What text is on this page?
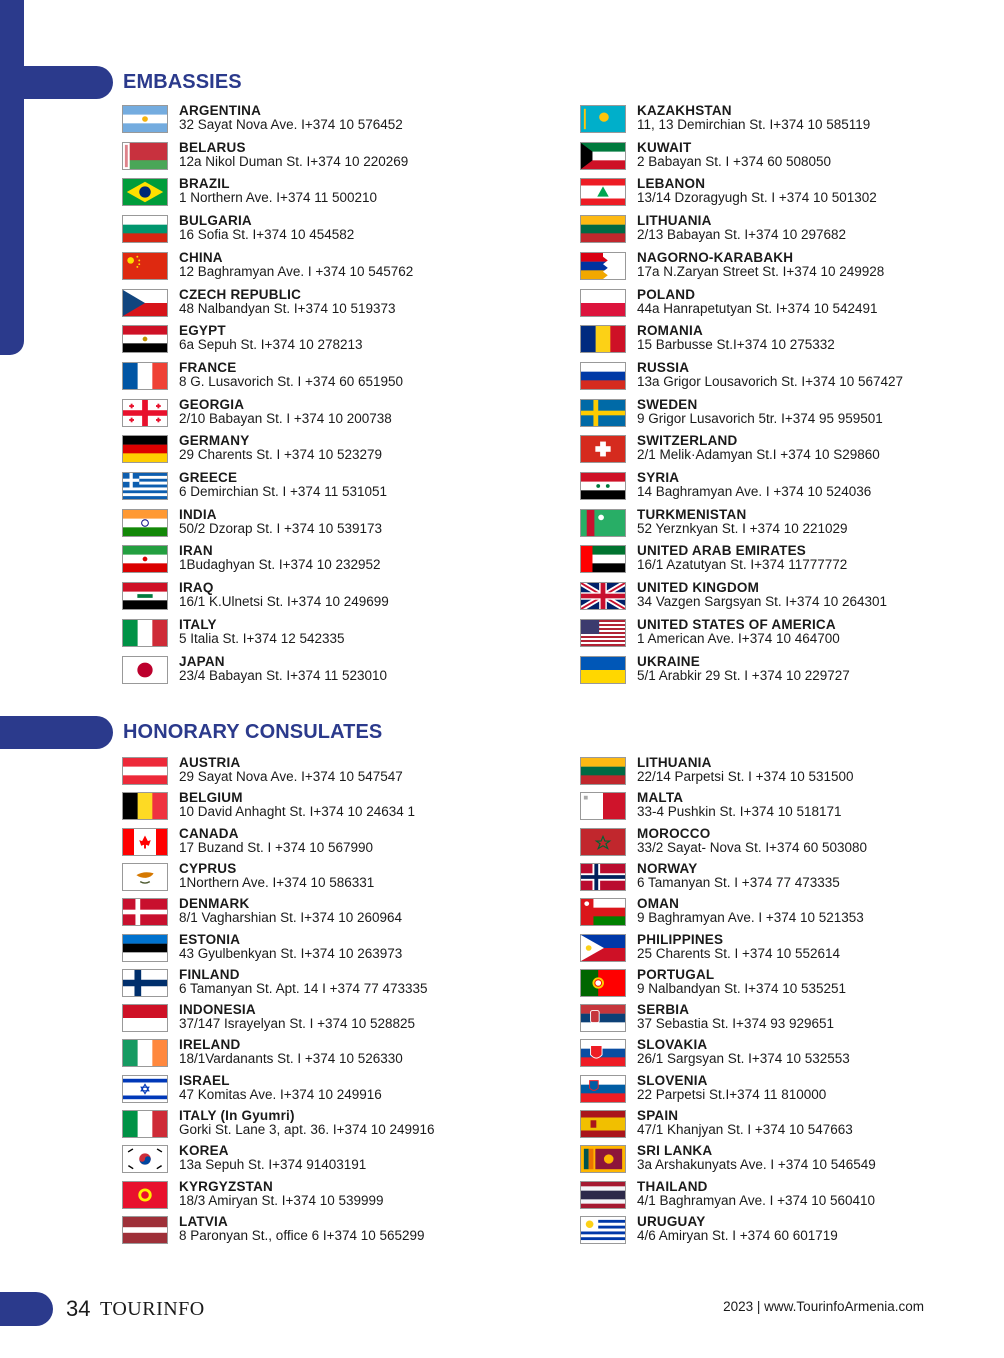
EMBASSIES
HONORARY CONSULATES
ARGENTINA
32 Sayat Nova Ave. I+374 10 576452
BELARUS
12a Nikol Duman St. I+374 10 220269
BRAZIL
1 Northern Ave. I+374 11 500210
BULGARIA
16 Sofia St. I+374 10 454582
CHINA
12 Baghramyan Ave. I +374 10 545762
CZECH REPUBLIC
48 Nalbandyan St. I+374 10 519373
EGYPT
6a Sepuh St. I+374 10 278213
FRANCE
8 G. Lusavorich St. I +374 60 651950
GEORGIA
2/10 Babayan St. I +374 10 200738
GERMANY
29 Charents St. I +374 10 523279
GREECE
6 Demirchian St. I +374 11 531051
INDIA
50/2 Dzorap St. I +374 10 539173
IRAN
1Budaghyan St. I+374 10 232952
IRAQ
16/1 K.Ulnetsi St. I+374 10 249699
ITALY
5 Italia St. I+374 12 542335
JAPAN
23/4 Babayan St. I+374 11 523010
KAZAKHSTAN
11, 13 Demirchian St. I+374 10 585119
KUWAIT
2 Babayan St. I +374 60 508050
LEBANON
13/14 Dzoragyugh St. I +374 10 501302
LITHUANIA
2/13 Babayan St. I+374 10 297682
NAGORNO-KARABAKH
17a N.Zaryan Street St. I+374 10 249928
POLAND
44a Hanrapetutyan St. I+374 10 542491
ROMANIA
15 Barbusse St.I+374 10 275332
RUSSIA
13a Grigor Lousavorich St. I+374 10 567427
SWEDEN
9 Grigor Lusavorich 5tr. I+374 95 959501
SWITZERLAND
2/1 Melik·Adamyan St.I +374 10 S29860
SYRIA
14 Baghramyan Ave. I +374 10 524036
TURKMENISTAN
52 Yerznkyan St. I +374 10 221029
UNITED ARAB EMIRATES
16/1 Azatutyan St. I+374 11777772
UNITED KINGDOM
34 Vazgen Sargsyan St. I+374 10 264301
UNITED STATES OF AMERICA
1 American Ave. I+374 10 464700
UKRAINE
5/1 Arabkir 29 St. I +374 10 229727
AUSTRIA
29 Sayat Nova Ave. I+374 10 547547
BELGIUM
10 David Anhaght St. I+374 10 24634 1
CANADA
17 Buzand St. I +374 10 567990
CYPRUS
1Northern Ave. I+374 10 586331
DENMARK
8/1 Vagharshian St. I+374 10 260964
ESTONIA
43 Gyulbenkyan St. I+374 10 263973
FINLAND
6 Tamanyan St. Apt. 14 I +374 77 473335
INDONESIA
37/147 Israyelyan St. I +374 10 528825
IRELAND
18/1Vardanants St. I +374 10 526330
ISRAEL
47 Komitas Ave. I+374 10 249916
ITALY (In Gyumri)
Gorki St. Lane 3, apt. 36. I+374 10 249916
KOREA
13a Sepuh St. I+374 91403191
KYRGYZSTAN
18/3 Amiryan St. I+374 10 539999
LATVIA
8 Paronyan St., office 6 I+374 10 565299
LITHUANIA
22/14 Parpetsi St. I +374 10 531500
MALTA
33-4 Pushkin St. I+374 10 518171
MOROCCO
33/2 Sayat- Nova St. I+374 60 503080
NORWAY
6 Tamanyan St. I +374 77 473335
OMAN
9 Baghramyan Ave. I +374 10 521353
PHILIPPINES
25 Charents St. I +374 10 552614
PORTUGAL
9 Nalbandyan St. I+374 10 535251
SERBIA
37 Sebastia St. I+374 93 929651
SLOVAKIA
26/1 Sargsyan St. I+374 10 532553
SLOVENIA
22 Parpetsi St.I+374 11 810000
SPAIN
47/1 Khanjyan St. I +374 10 547663
SRI LANKA
3a Arshakunyats Ave. I +374 10 546549
THAILAND
4/1 Baghramyan Ave. I +374 10 560410
URUGUAY
4/6 Amiryan St. I +374 60 601719
34 TOURINFO	2023 | www.TourinfoArmenia.com
